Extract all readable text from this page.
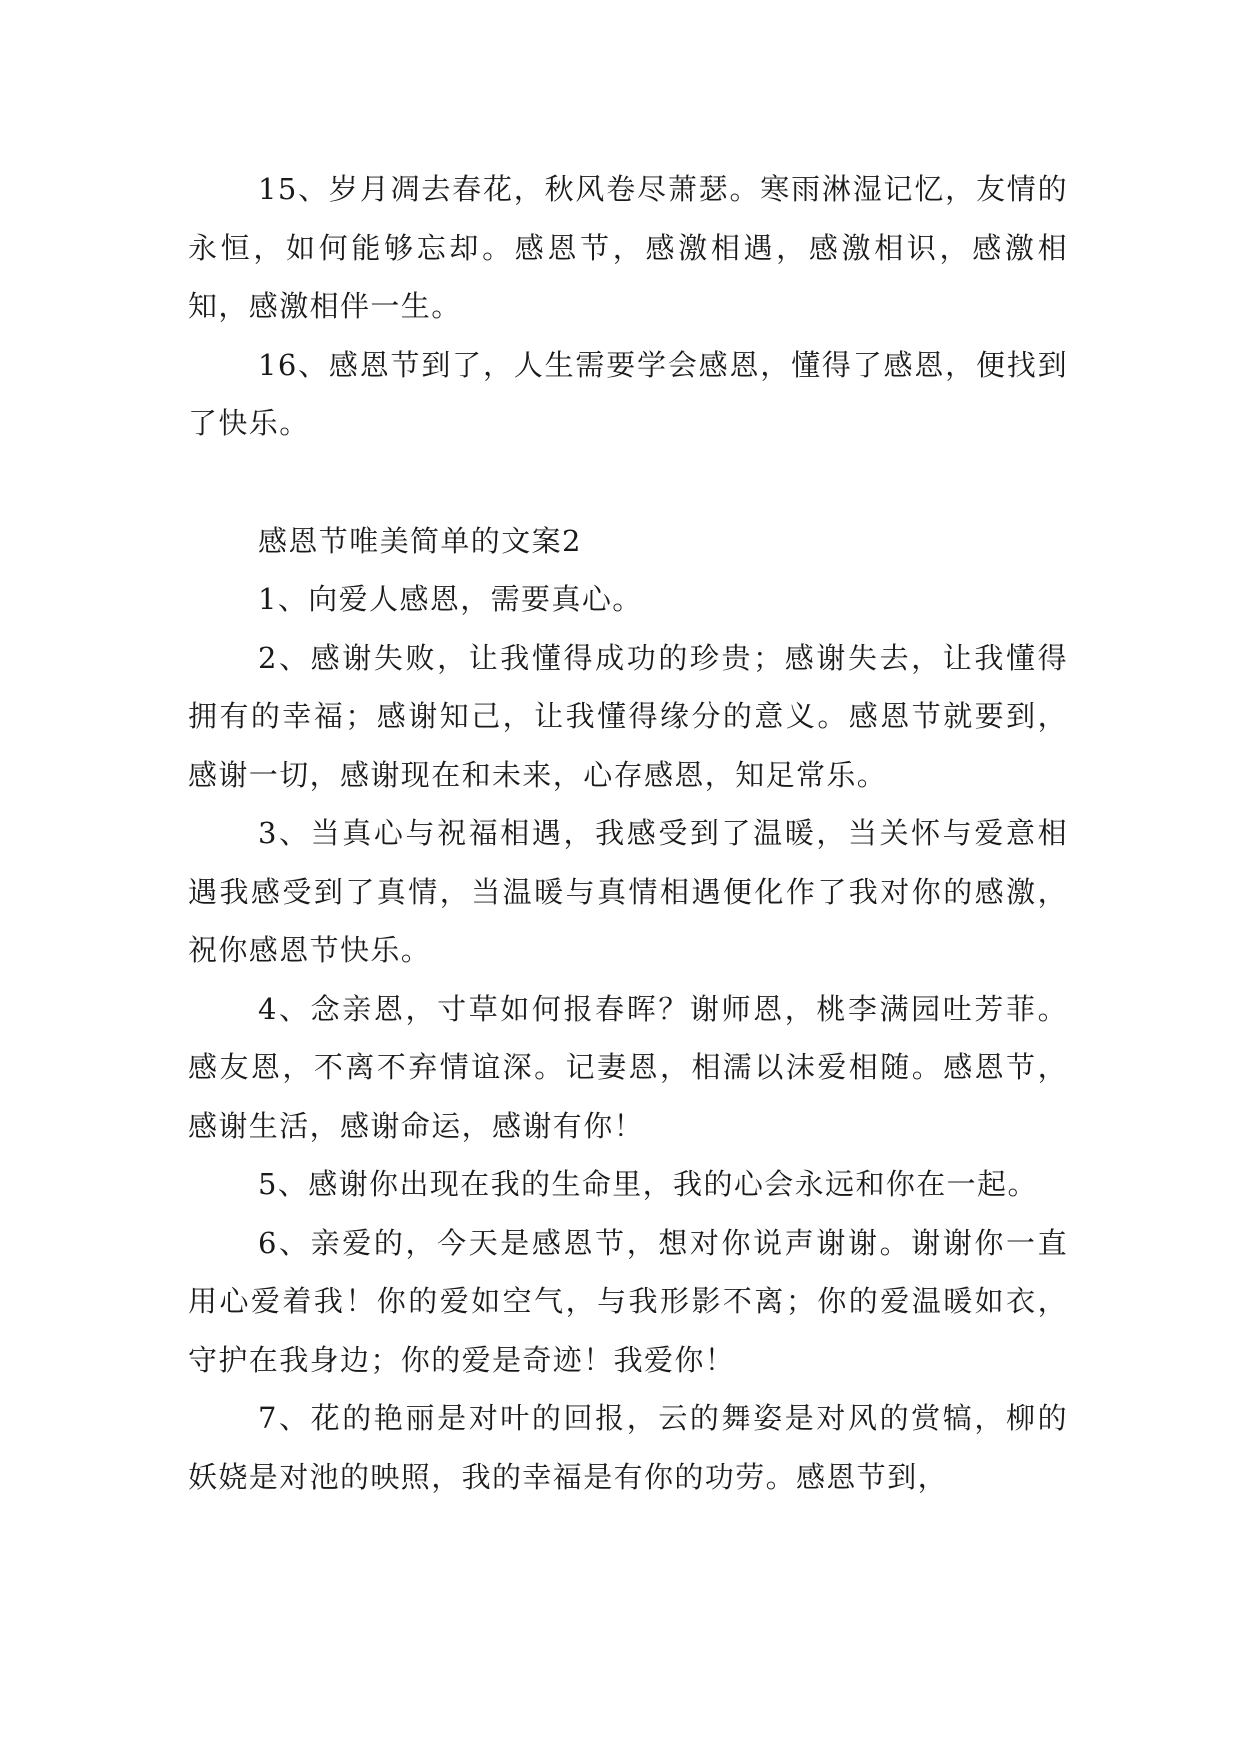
15、岁月凋去春花，秋风卷尽萧瑟。寒雨淋湿记忆，友情的永恒，如何能够忘却。感恩节，感激相遇，感激相识，感激相知，感激相伴一生。

16、感恩节到了，人生需要学会感恩，懂得了感恩，便找到了快乐。

感恩节唯美简单的文案2

1、向爱人感恩，需要真心。

2、感谢失败，让我懂得成功的珍贵；感谢失去，让我懂得拥有的幸福；感谢知己，让我懂得缘分的意义。感恩节就要到，感谢一切，感谢现在和未来，心存感恩，知足常乐。

3、当真心与祝福相遇，我感受到了温暖，当关怀与爱意相遇我感受到了真情，当温暖与真情相遇便化作了我对你的感激，祝你感恩节快乐。

4、念亲恩，寸草如何报春晖？谢师恩，桃李满园吐芳菲。感友恩，不离不弃情谊深。记妻恩，相濡以沫爱相随。感恩节，感谢生活，感谢命运，感谢有你！

5、感谢你出现在我的生命里，我的心会永远和你在一起。

6、亲爱的，今天是感恩节，想对你说声谢谢。谢谢你一直用心爱着我！你的爱如空气，与我形影不离；你的爱温暖如衣，守护在我身边；你的爱是奇迹！我爱你！

7、花的艳丽是对叶的回报，云的舞姿是对风的赏犒，柳的妖娆是对池的映照，我的幸福是有你的功劳。感恩节到，
